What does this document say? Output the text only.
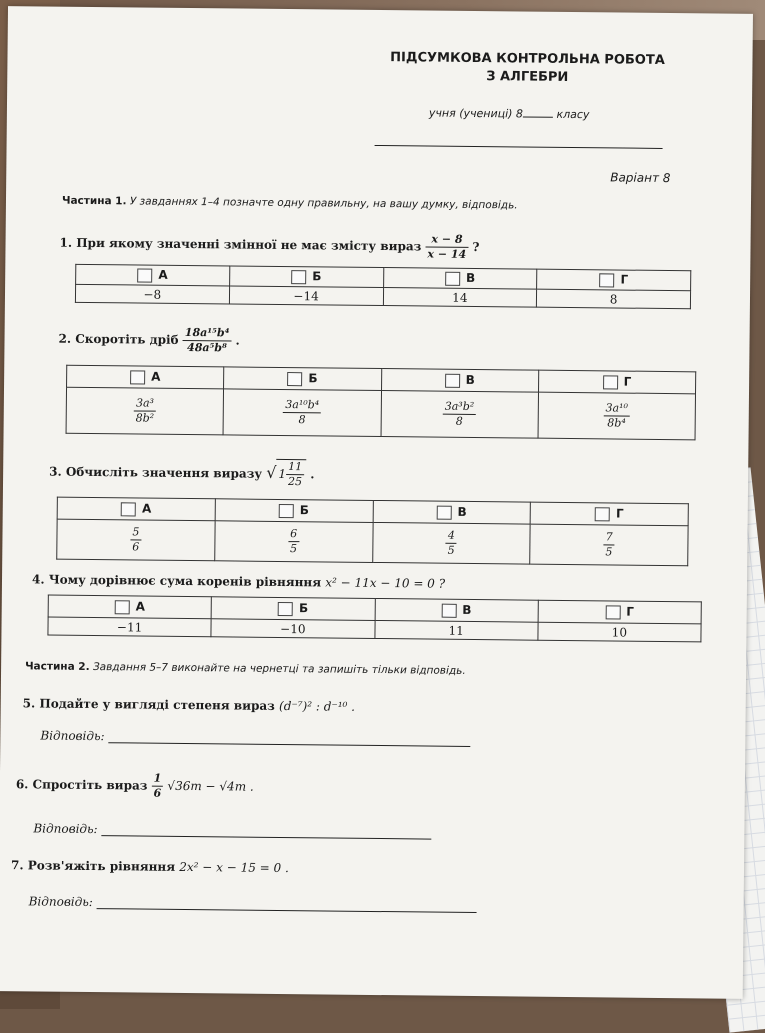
ПІДСУМКОВА КОНТРОЛЬНА РОБОТА
З АЛГЕБРИ
учня (учениці) 8	класу
Варіант 8
Частина 1. У завданнях 1–4 позначте одну правильну, на вашу думку, відповідь.
1. При якому значенні змінної не має змісту вираз $\frac{x - 8}{x - 14}$ ?
А	Б	В	Г
−8	−14	14	8
2. Скоротіть дріб $\frac{\text{18a¹⁵b⁴}}{\text{48a⁵b⁸}}$ .
А	Б	В	Г

$\frac{\text{3a³}}{\text{8b²}}$	$\frac{\text{3a¹⁰b⁴}}{8}$	$\frac{\text{3a³b²}}{8}$	$\frac{\text{3a¹⁰}}{\text{8b⁴}}$
3. Обчисліть значення виразу √ $1 \frac{11}{25}$ .
А	Б	В	Г

$\frac{5}{6}$	$\frac{6}{5}$	$\frac{4}{5}$	$\frac{7}{5}$
4. Чому дорівнює сума коренів рівняння x² − 11x − 10 = 0 ?
А	Б	В	Г
−11	−10	11	10
Частина 2. Завдання 5–7 виконайте на чернетці та запишіть тільки відповідь.
5. Подайте у вигляді степеня вираз (d⁻⁷)² : d⁻¹⁰ .
Відповідь:
6. Спростіть вираз $\frac{1}{6} √36m - √4m$ .
Відповідь:
7. Розв'яжіть рівняння 2x² − x − 15 = 0 .
Відповідь:
